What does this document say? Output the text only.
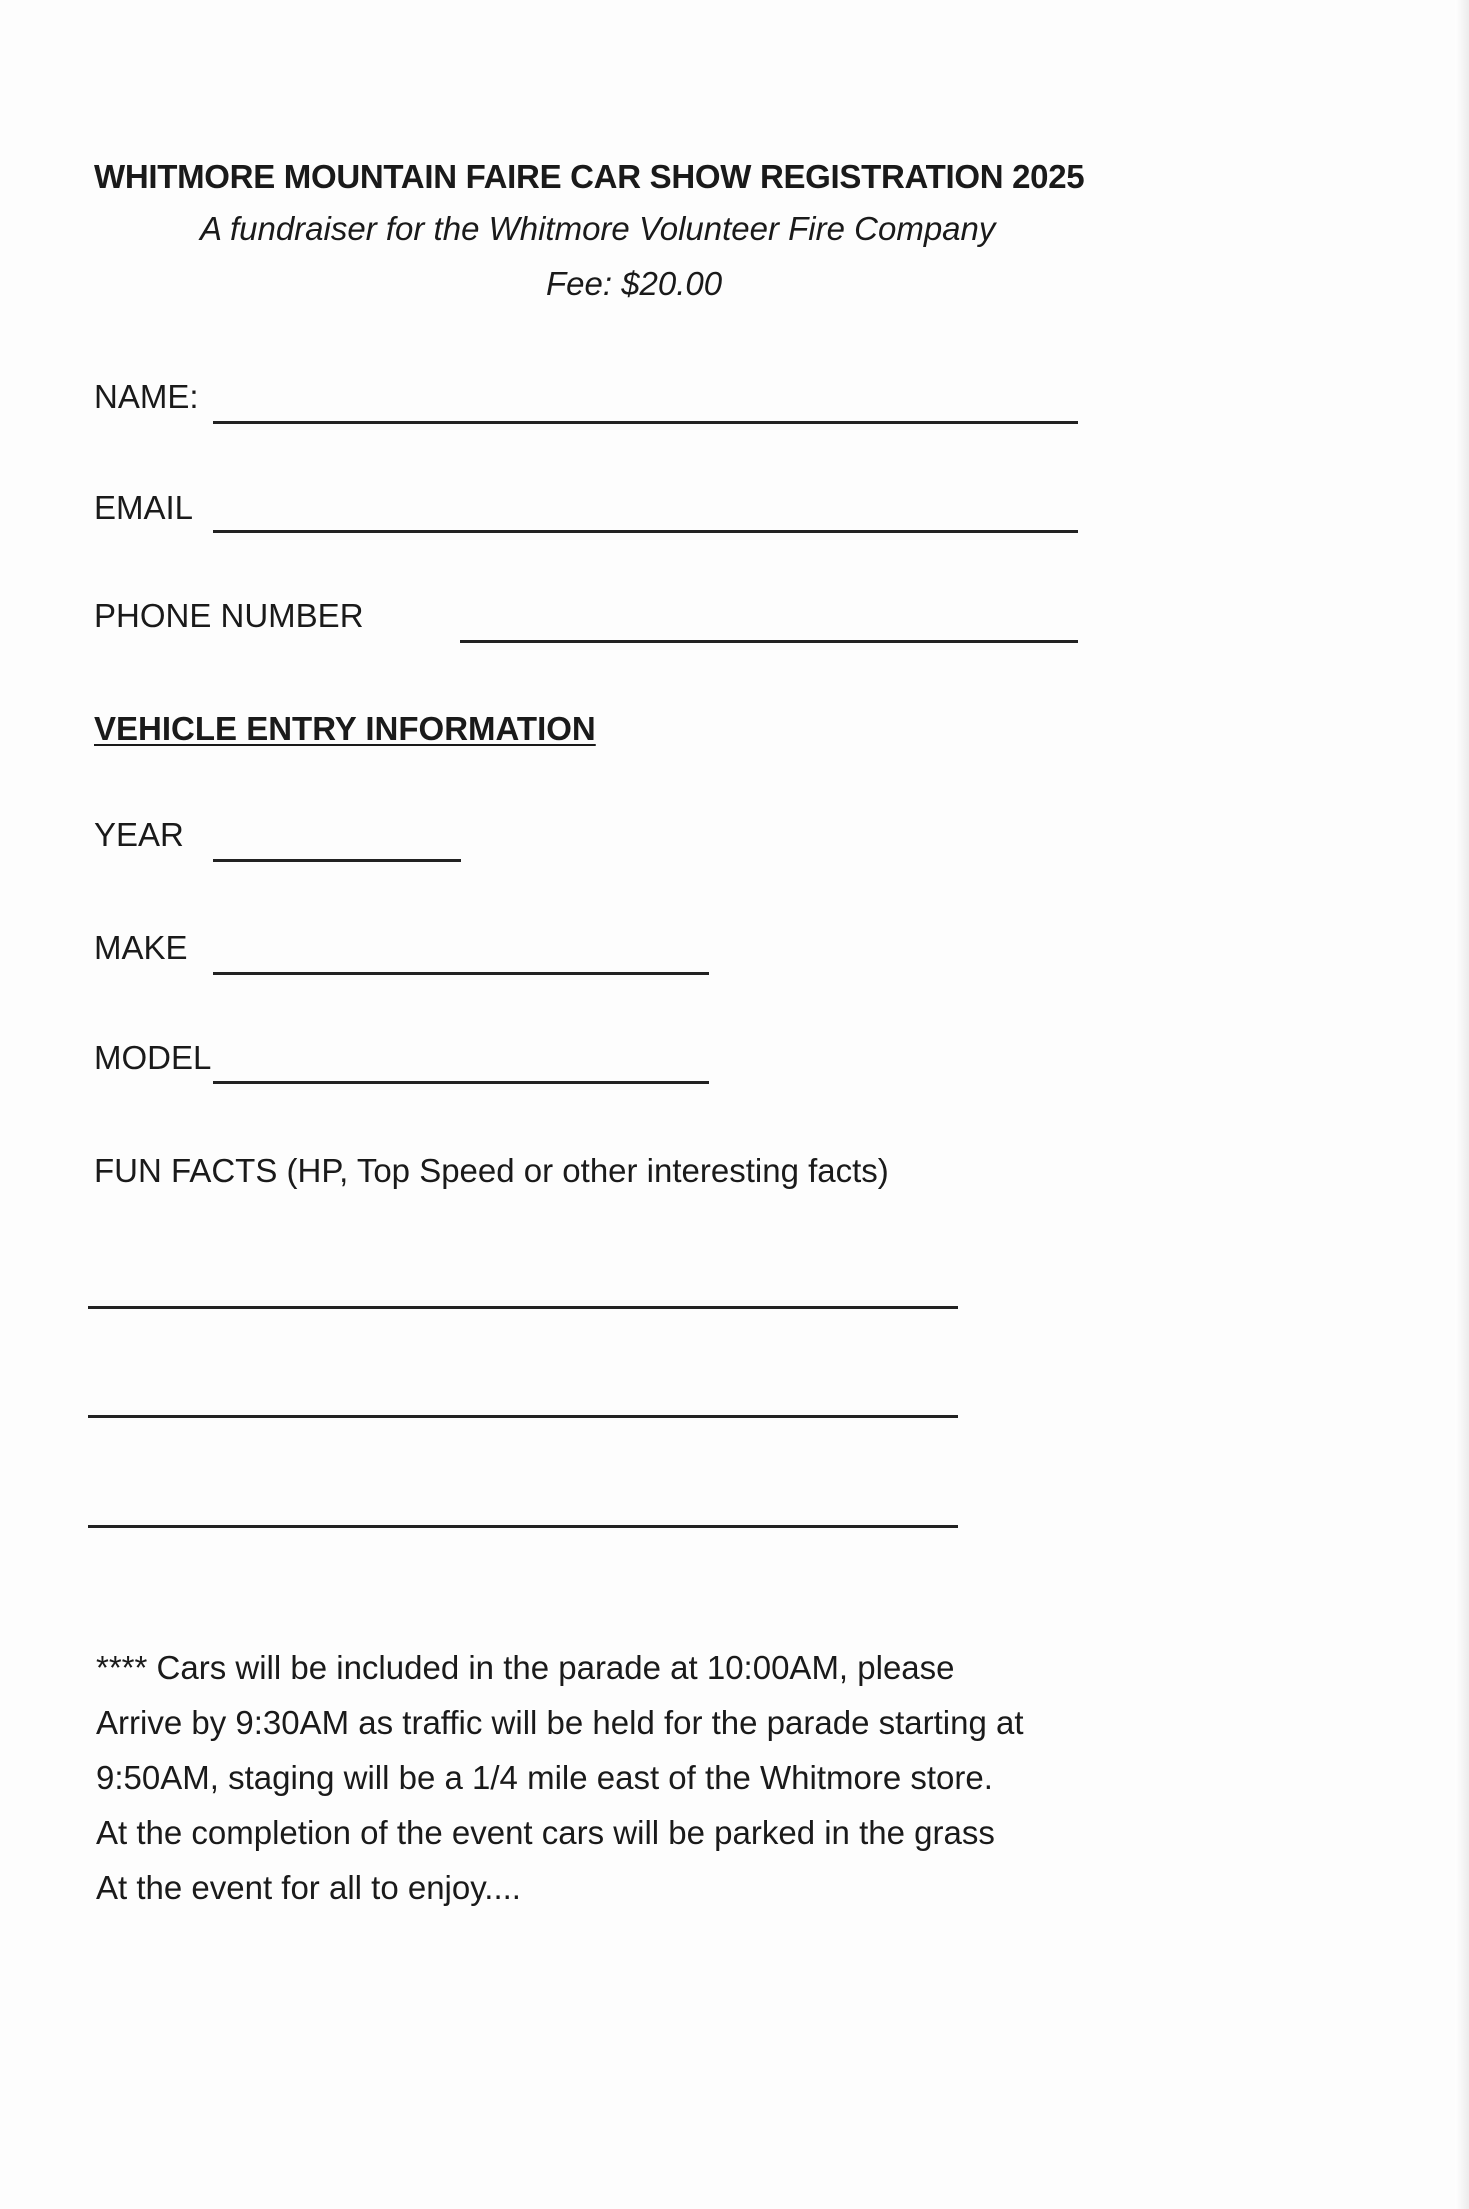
WHITMORE MOUNTAIN FAIRE CAR SHOW REGISTRATION 2025
A fundraiser for the Whitmore Volunteer Fire Company
Fee: $20.00
NAME:
EMAIL
PHONE NUMBER
VEHICLE ENTRY INFORMATION
YEAR
MAKE
MODEL
FUN FACTS (HP, Top Speed or other interesting facts)
**** Cars will be included in the parade at 10:00AM, please
Arrive by 9:30AM as traffic will be held for the parade starting at
9:50AM, staging will be a 1/4 mile east of the Whitmore store.
At the completion of the event cars will be parked in the grass
At the event for all to enjoy....
